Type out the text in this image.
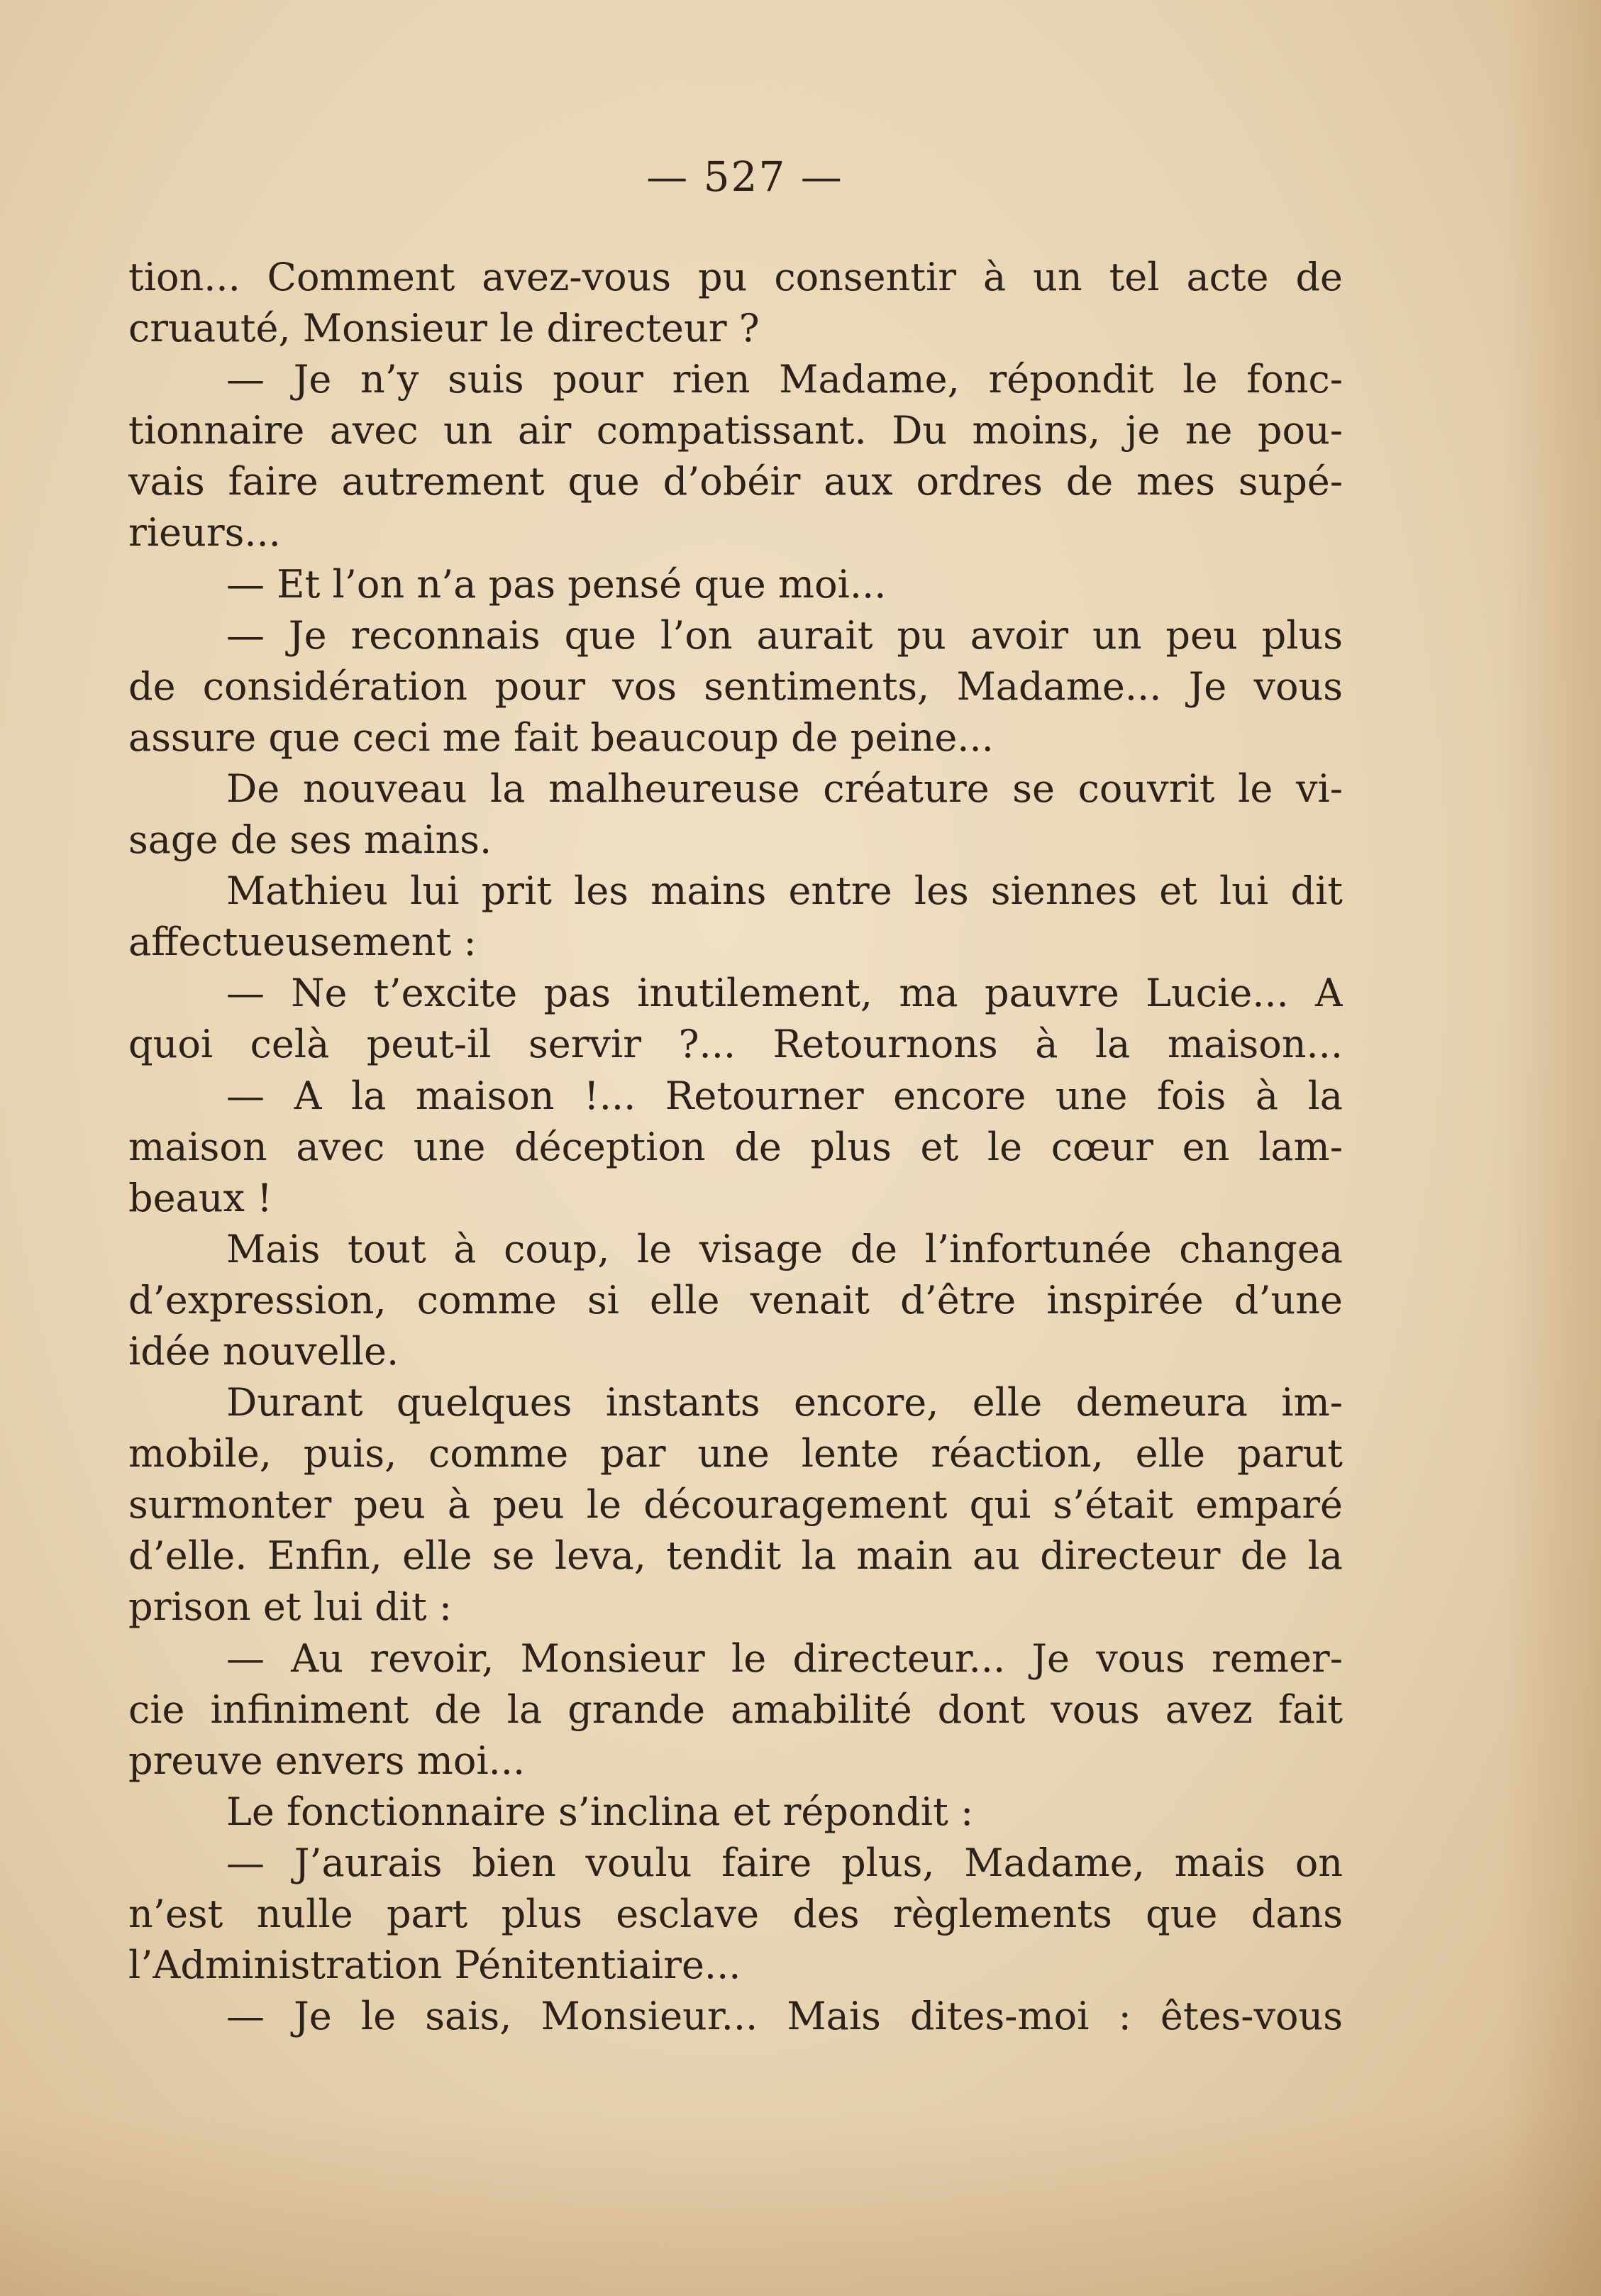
— 527 —
tion... Comment avez-vous pu consentir à un tel acte de
cruauté, Monsieur le directeur ?
— Je n’y suis pour rien Madame, répondit le fonc-
tionnaire avec un air compatissant. Du moins, je ne pou-
vais faire autrement que d’obéir aux ordres de mes supé-
rieurs...
— Et l’on n’a pas pensé que moi...
— Je reconnais que l’on aurait pu avoir un peu plus
de considération pour vos sentiments, Madame... Je vous
assure que ceci me fait beaucoup de peine...
De nouveau la malheureuse créature se couvrit le vi-
sage de ses mains.
Mathieu lui prit les mains entre les siennes et lui dit
affectueusement :
— Ne t’excite pas inutilement, ma pauvre Lucie... A
quoi celà peut-il servir ?... Retournons à la maison...
— A la maison !... Retourner encore une fois à la
maison avec une déception de plus et le cœur en lam-
beaux !
Mais tout à coup, le visage de l’infortunée changea
d’expression, comme si elle venait d’être inspirée d’une
idée nouvelle.
Durant quelques instants encore, elle demeura im-
mobile, puis, comme par une lente réaction, elle parut
surmonter peu à peu le découragement qui s’était emparé
d’elle. Enfin, elle se leva, tendit la main au directeur de la
prison et lui dit :
— Au revoir, Monsieur le directeur... Je vous remer-
cie infiniment de la grande amabilité dont vous avez fait
preuve envers moi...
Le fonctionnaire s’inclina et répondit :
— J’aurais bien voulu faire plus, Madame, mais on
n’est nulle part plus esclave des règlements que dans
l’Administration Pénitentiaire...
— Je le sais, Monsieur... Mais dites-moi : êtes-vous
